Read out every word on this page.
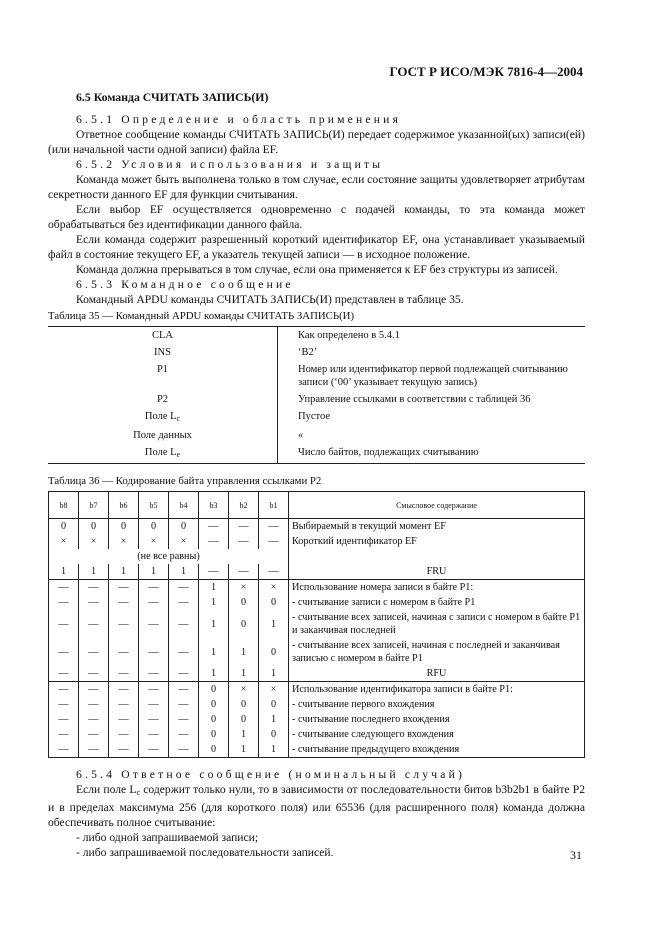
ГОСТ Р ИСО/МЭК 7816-4—2004
6.5 Команда СЧИТАТЬ ЗАПИСЬ(И)

6.5.1 Определение и область применения

Ответное сообщение команды СЧИТАТЬ ЗАПИСЬ(И) передает содержимое указанной(ых) записи(ей) (или начальной части одной записи) файла EF.

6.5.2 Условия использования и защиты

Команда может быть выполнена только в том случае, если состояние защиты удовлетворяет атрибутам секретности данного EF для функции считывания.

Если выбор EF осуществляется одновременно с подачей команды, то эта команда может обрабатываться без идентификации данного файла.

Если команда содержит разрешенный короткий идентификатор EF, она устанавливает указываемый файл в состояние текущего EF, а указатель текущей записи — в исходное положение.

Команда должна прерываться в том случае, если она применяется к EF без структуры из записей.

6.5.3 Командное сообщение

Командный APDU команды СЧИТАТЬ ЗАПИСЬ(И) представлен в таблице 35.

Таблица 35 — Командный APDU команды СЧИТАТЬ ЗАПИСЬ(И)
CLA	Как определено в 5.4.1
INS	‘B2’
P1	Номер или идентификатор первой подлежащей считыванию записи (‘00’ указывает текущую запись)
P2	Управление ссылками в соответствии с таблицей 36
Поле $L_c$	Пустое
Поле данных	«
Поле $L_e$	Число байтов, подлежащих считыванию
Таблица 36 — Кодирование байта управления ссылками P2
b8	b7	b6	b5	b4	b3	b2	b1	Смысловое содержание
0	0	0	0	0	—	—	—	Выбираемый в текущий момент EF
×	×	×	×	×	—	—	—	Короткий идентификатор EF
(не все равны)								
1	1	1	1	1	—	—	—	FRU
—	—	—	—	—	1	×	×	Использование номера записи в байте P1:
—	—	—	—	—	1	0	0	- считывание записи с номером в байте P1
—	—	—	—	—	1	0	1	- считывание всех записей, начиная с записи с номером в байте P1 и заканчивая последней
—	—	—	—	—	1	1	0	- считывание всех записей, начиная с последней и заканчивая записью с номером в байте P1
—	—	—	—	—	1	1	1	RFU
—	—	—	—	—	0	×	×	Использование идентификатора записи в байте P1:
—	—	—	—	—	0	0	0	- считывание первого вхождения
—	—	—	—	—	0	0	1	- считывание последнего вхождения
—	—	—	—	—	0	1	0	- считывание следующего вхождения
—	—	—	—	—	0	1	1	- считывание предыдущего вхождения

6.5.4 Ответное сообщение (номинальный случай)

Если поле $L_c$ содержит только нули, то в зависимости от последовательности битов b3b2b1 в байте P2 и в пределах максимума 256 (для короткого поля) или 65536 (для расширенного поля) команда должна обеспечивать полное считывание:

- либо одной запрашиваемой записи;

- либо запрашиваемой последовательности записей.	31
